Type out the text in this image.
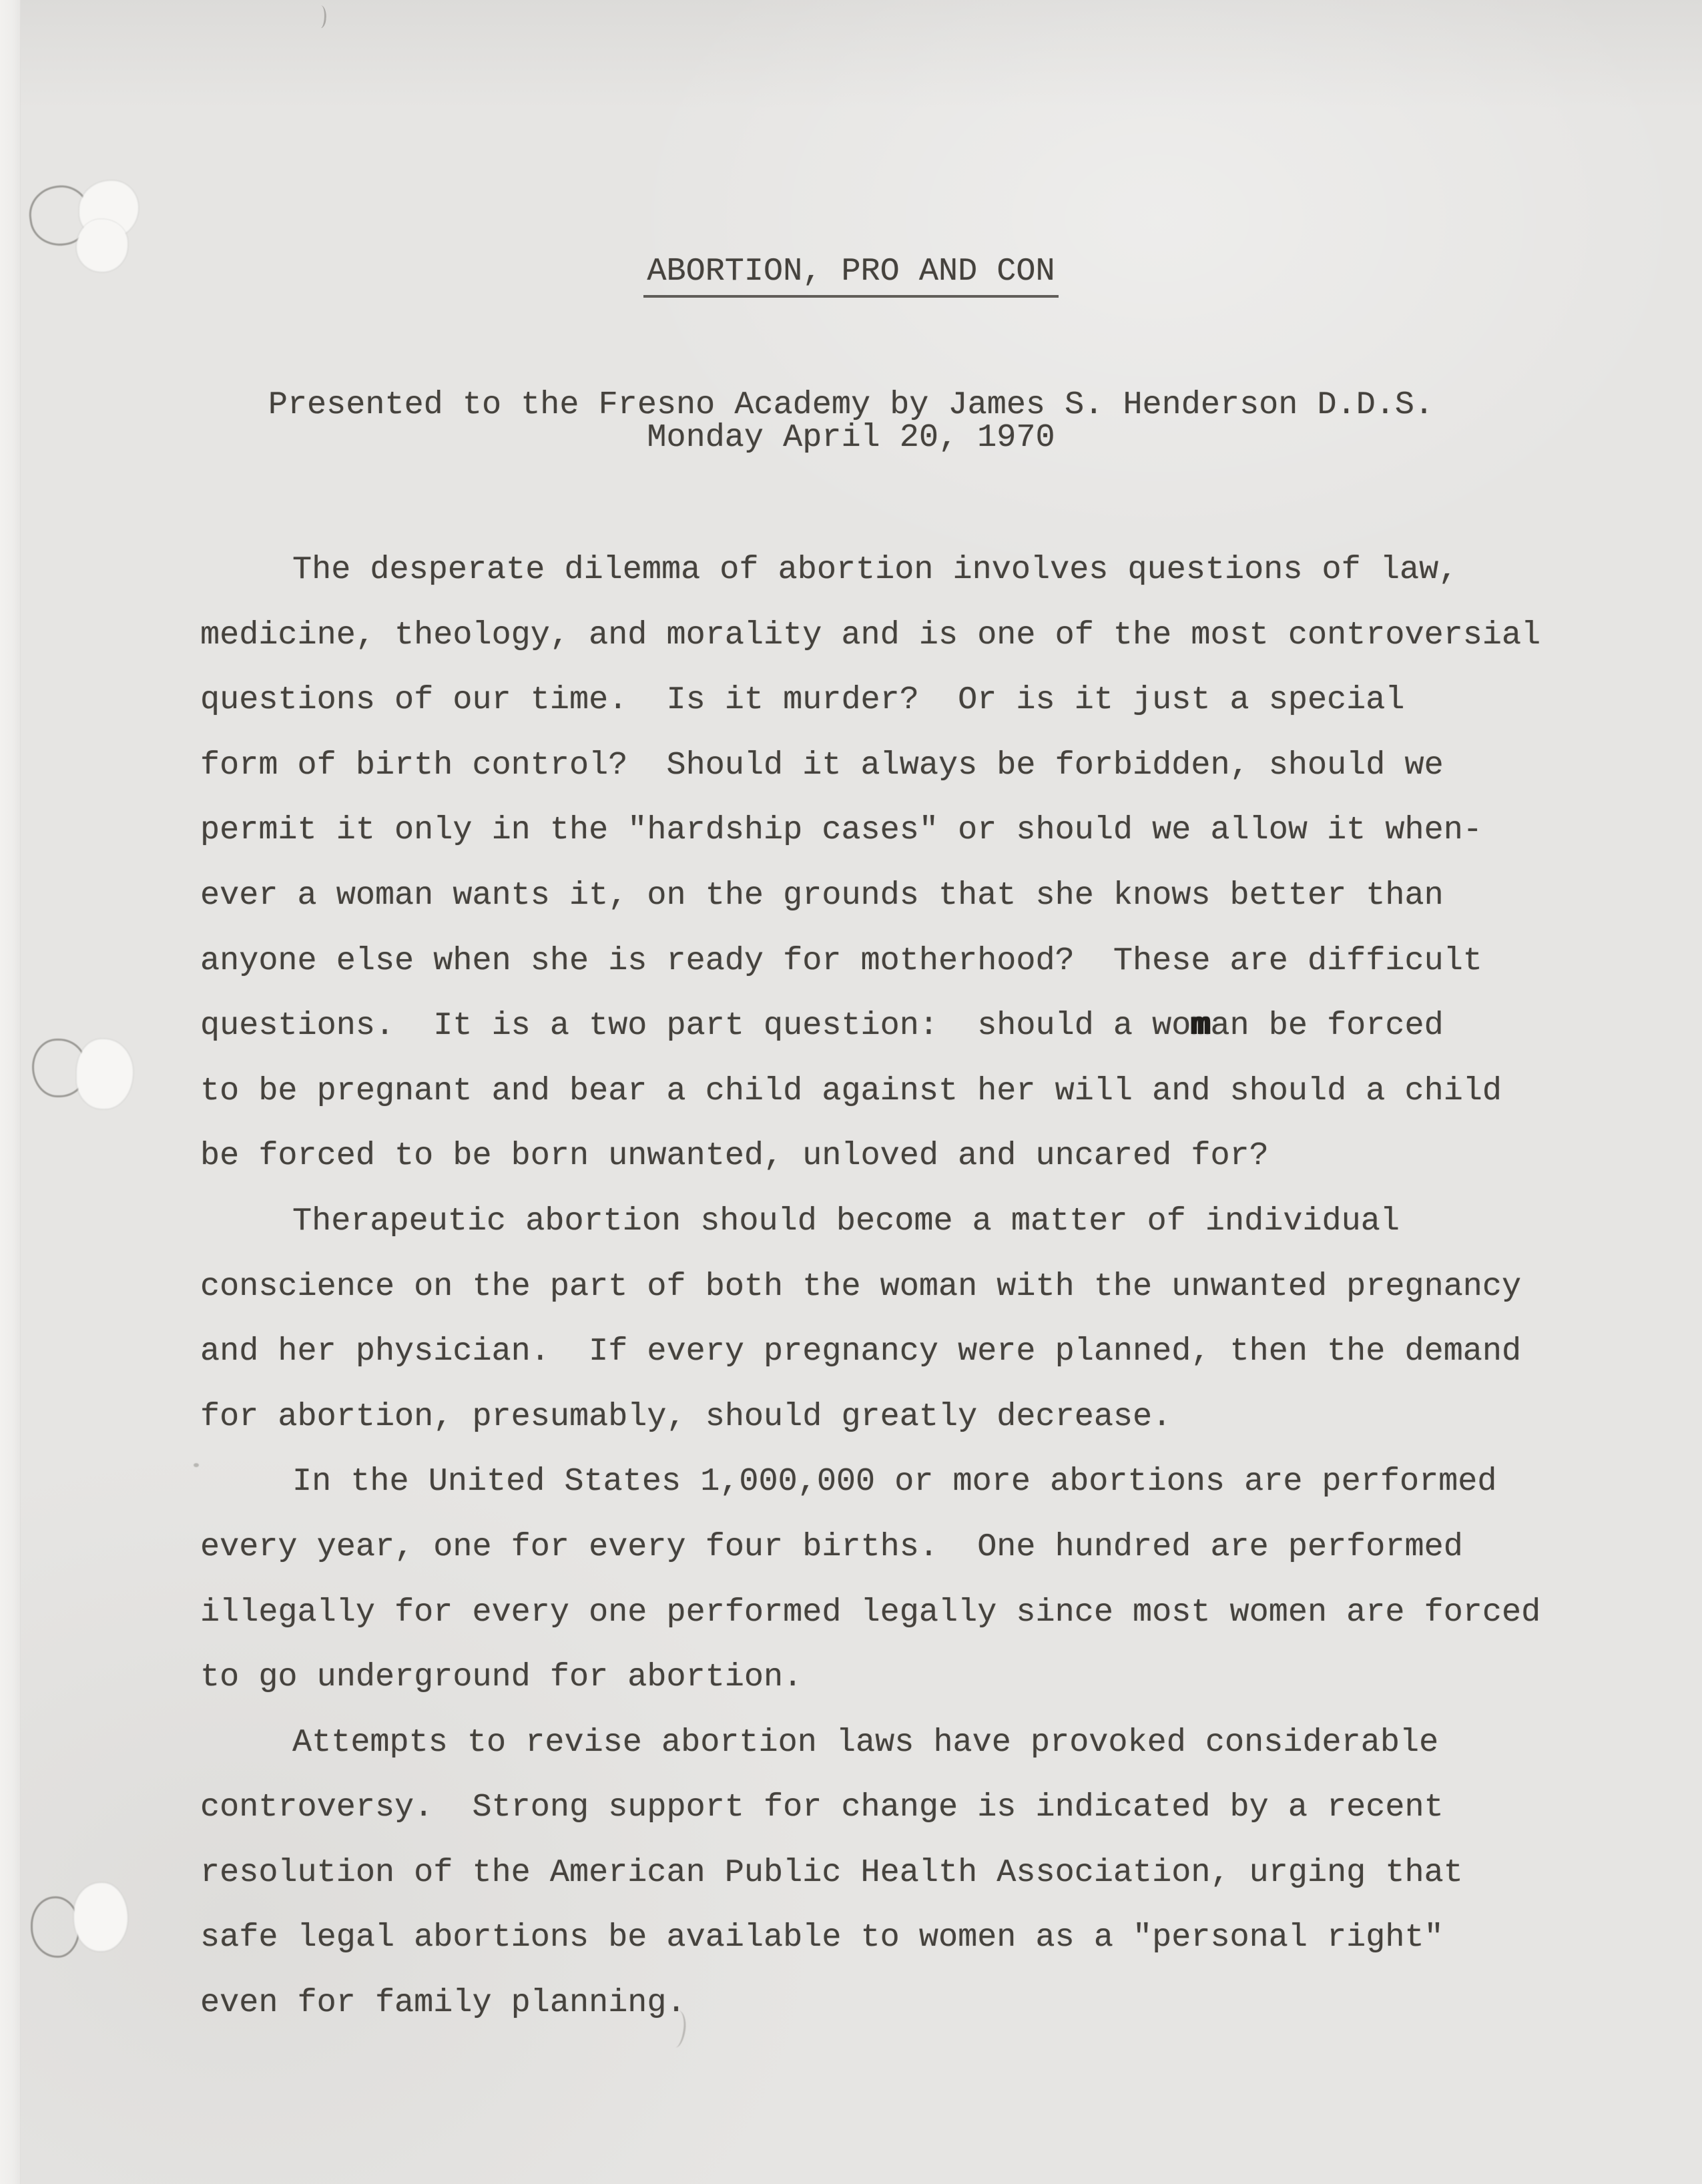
ABORTION, PRO AND CON
Presented to the Fresno Academy by James S. Henderson D.D.S.
Monday April 20, 1970
The desperate dilemma of abortion involves questions of law,
medicine, theology, and morality and is one of the most controversial
questions of our time.  Is it murder?  Or is it just a special
form of birth control?  Should it always be forbidden, should we
permit it only in the "hardship cases" or should we allow it when-
ever a woman wants it, on the grounds that she knows better than
anyone else when she is ready for motherhood?  These are difficult
questions.  It is a two part question:  should a woman be forced
to be pregnant and bear a child against her will and should a child
be forced to be born unwanted, unloved and uncared for?
Therapeutic abortion should become a matter of individual
conscience on the part of both the woman with the unwanted pregnancy
and her physician.  If every pregnancy were planned, then the demand
for abortion, presumably, should greatly decrease.
In the United States 1,000,000 or more abortions are performed
every year, one for every four births.  One hundred are performed
illegally for every one performed legally since most women are forced
to go underground for abortion.
Attempts to revise abortion laws have provoked considerable
controversy.  Strong support for change is indicated by a recent
resolution of the American Public Health Association, urging that
safe legal abortions be available to women as a "personal right"
even for family planning.
